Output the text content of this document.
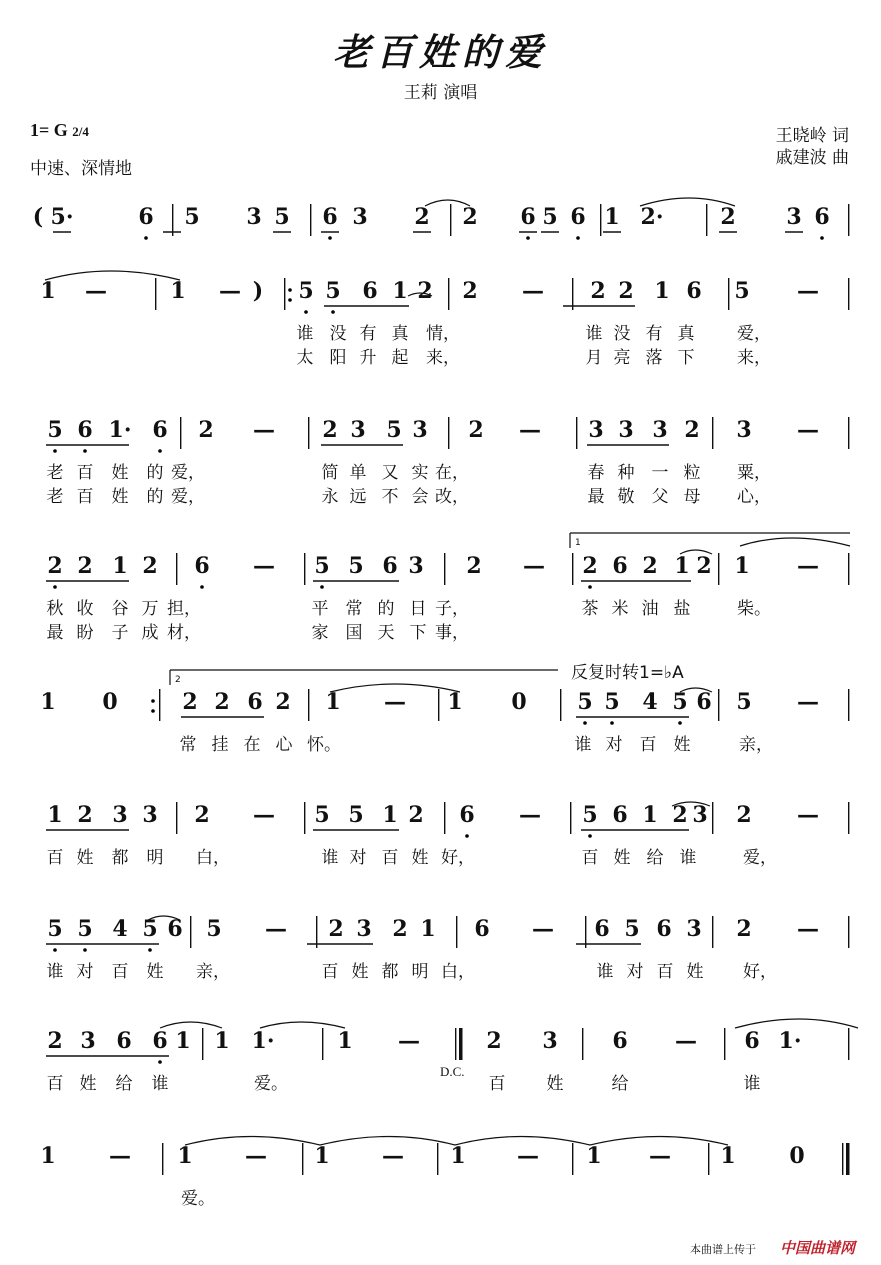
老百姓的爱
王莉 演唱
1= G 2/4
中速、深情地
王晓岭 词
戚建波 曲
反复时转1=♭A
D.C.
( 5·	6 5 3 5 6 3 2 2 6 5 6 1 2·	2 3 6
1 —	1 — ) 5 5 6 1 2 2 — 2 2 1 6 5 —
谁 没 有 真 情，	谁 没 有 真	爱，
太 阳 升 起 来，	月 亮 落 下	来，
5 6 1· 6 2 — 2 3 5 3 2 — 3 3 3 2 3 —
老 百 姓 的 爱，	简 单 又 实 在，	春 种 一 粒 粟，
老 百 姓 的 爱，	永 远 不 会 改，	最 敬 父 母 心，
2 2 1 2 6 — 5 5 6 3 2 — 2 6 2 1 2 1 —
秋 收 谷 万 担，	平 常 的 日 子，	茶 米 油 盐	柴。
最 盼 子 成 材，	家 国 天 下 事，
1 0	2 2 6 2 1 — 1 0 5 5 4 5 6 5 —
常 挂 在 心 怀。	谁 对 百 姓	亲，
1 2 3 3 2 — 5 5 1 2 6 — 5 6 1 2 3 2 —
百 姓 都 明 白，	谁 对 百 姓 好，	百 姓 给 谁	爱，
5 5 4 5 6 5 — 2 3 2 1 6 — 6 5 6 3 2 —
谁 对 百 姓 亲，	百 姓 都 明 白，	谁 对 百 姓 好，
2 3 6 6 1 1 1·	1 —	2 3 6 — 6 1·
百 姓 给 谁	爱。	百 姓	给	谁
1 — 1 — 1 — 1 — 1 — 1 0
爱。
1
2
本曲谱上传于 中国曲谱网
